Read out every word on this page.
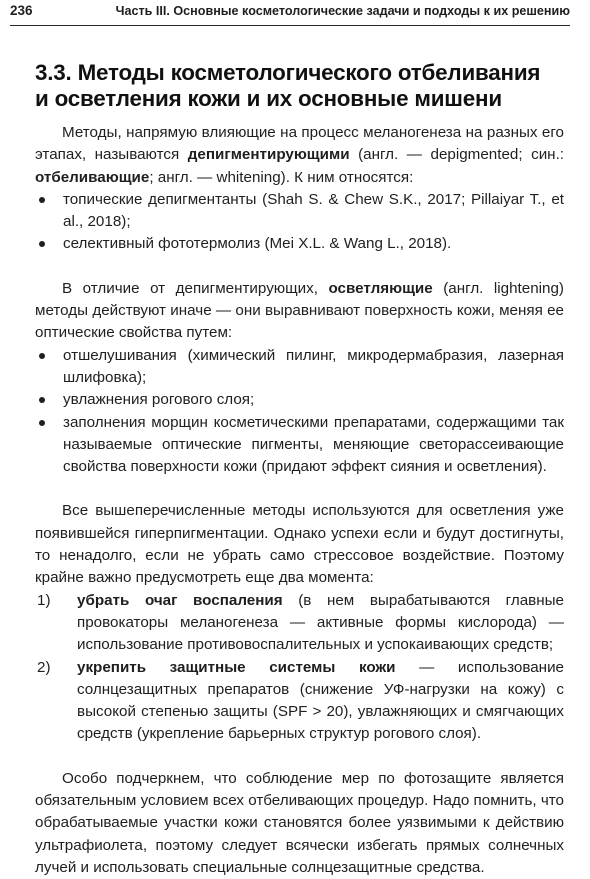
236	Часть III. Основные косметологические задачи и подходы к их решению
3.3. Методы косметологического отбеливания
и осветления кожи и их основные мишени

Методы, напрямую влияющие на процесс меланогенеза на разных его этапах, называются депигментирующими (англ. — depigmented; син.: отбеливающие; англ. — whitening). К ним относятся:

топические депигментанты (Shah S. & Chew S.K., 2017; Pillaiyar T., et al., 2018);
селективный фототермолиз (Mei X.L. & Wang L., 2018).

В отличие от депигментирующих, осветляющие (англ. lightening) методы действуют иначе — они выравнивают поверхность кожи, меняя ее оптические свойства путем:

отшелушивания (химический пилинг, микродермабразия, лазерная шлифовка);
увлажнения рогового слоя;
заполнения морщин косметическими препаратами, содержащими так называемые оптические пигменты, меняющие светорассеивающие свойства поверхности кожи (придают эффект сияния и осветления).

Все вышеперечисленные методы используются для осветления уже появившейся гиперпигментации. Однако успехи если и будут достигнуты, то ненадолго, если не убрать само стрессовое воздействие. Поэтому крайне важно предусмотреть еще два момента:

1) убрать очаг воспаления (в нем вырабатываются главные провокаторы меланогенеза — активные формы кислорода) — использование противовоспалительных и успокаивающих средств;
2) укрепить защитные системы кожи — использование солнцезащитных препаратов (снижение УФ-нагрузки на кожу) с высокой степенью защиты (SPF > 20), увлажняющих и смягчающих средств (укрепление барьерных структур рогового слоя).

Особо подчеркнем, что соблюдение мер по фотозащите является обязательным условием всех отбеливающих процедур. Надо помнить, что обрабатываемые участки кожи становятся более уязвимыми к действию ультрафиолета, поэтому следует всячески избегать прямых солнечных лучей и использовать специальные солнцезащитные средства.
